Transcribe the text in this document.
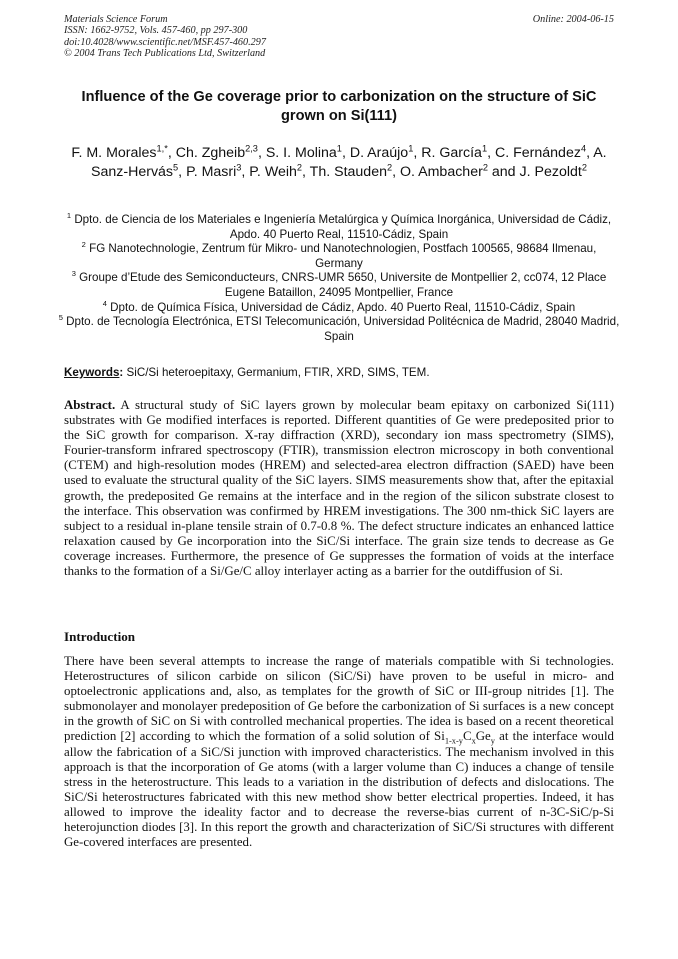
Materials Science Forum
ISSN: 1662-9752, Vols. 457-460, pp 297-300
doi:10.4028/www.scientific.net/MSF.457-460.297
© 2004 Trans Tech Publications Ltd, Switzerland
Online: 2004-06-15
Influence of the Ge coverage prior to carbonization on the structure of SiC grown on Si(111)
F. M. Morales$^{1,*}$, Ch. Zgheib$^{2,3}$, S. I. Molina$^1$, D. Araújo$^1$, R. García$^1$, C. Fernández$^4$, A. Sanz-Hervás$^5$, P. Masri$^3$, P. Weih$^2$, Th. Stauden$^2$, O. Ambacher$^2$ and J. Pezoldt$^2$
$^1$ Dpto. de Ciencia de los Materiales e Ingeniería Metalúrgica y Química Inorgánica, Universidad de Cádiz, Apdo. 40 Puerto Real, 11510-Cádiz, Spain
$^2$ FG Nanotechnologie, Zentrum für Mikro- und Nanotechnologien, Postfach 100565, 98684 Ilmenau, Germany
$^3$ Groupe d’Etude des Semiconducteurs, CNRS-UMR 5650, Universite de Montpellier 2, cc074, 12 Place Eugene Bataillon, 24095 Montpellier, France
$^4$ Dpto. de Química Física, Universidad de Cádiz, Apdo. 40 Puerto Real, 11510-Cádiz, Spain
$^5$ Dpto. de Tecnología Electrónica, ETSI Telecomunicación, Universidad Politécnica de Madrid, 28040 Madrid, Spain
Keywords: SiC/Si heteroepitaxy, Germanium, FTIR, XRD, SIMS, TEM.
Abstract. A structural study of SiC layers grown by molecular beam epitaxy on carbonized Si(111) substrates with Ge modified interfaces is reported. Different quantities of Ge were predeposited prior to the SiC growth for comparison. X-ray diffraction (XRD), secondary ion mass spectrometry (SIMS), Fourier-transform infrared spectroscopy (FTIR), transmission electron microscopy in both conventional (CTEM) and high-resolution modes (HREM) and selected-area electron diffraction (SAED) have been used to evaluate the structural quality of the SiC layers. SIMS measurements show that, after the epitaxial growth, the predeposited Ge remains at the interface and in the region of the silicon substrate closest to the interface. This observation was confirmed by HREM investigations. The 300 nm-thick SiC layers are subject to a residual in-plane tensile strain of 0.7-0.8 %. The defect structure indicates an enhanced lattice relaxation caused by Ge incorporation into the SiC/Si interface. The grain size tends to decrease as Ge coverage increases. Furthermore, the presence of Ge suppresses the formation of voids at the interface thanks to the formation of a Si/Ge/C alloy interlayer acting as a barrier for the outdiffusion of Si.
Introduction
There have been several attempts to increase the range of materials compatible with Si technologies. Heterostructures of silicon carbide on silicon (SiC/Si) have proven to be useful in micro- and optoelectronic applications and, also, as templates for the growth of SiC or III-group nitrides [1]. The submonolayer and monolayer predeposition of Ge before the carbonization of Si surfaces is a new concept in the growth of SiC on Si with controlled mechanical properties. The idea is based on a recent theoretical prediction [2] according to which the formation of a solid solution of $Si_{1-x-y}C_xGe_y$ at the interface would allow the fabrication of a SiC/Si junction with improved characteristics. The mechanism involved in this approach is that the incorporation of Ge atoms (with a larger volume than C) induces a change of tensile stress in the heterostructure. This leads to a variation in the distribution of defects and dislocations. The SiC/Si heterostructures fabricated with this new method show better electrical properties. Indeed, it has allowed to improve the ideality factor and to decrease the reverse-bias current of n-3C-SiC/p-Si heterojunction diodes [3]. In this report the growth and characterization of SiC/Si structures with different Ge-covered interfaces are presented.
